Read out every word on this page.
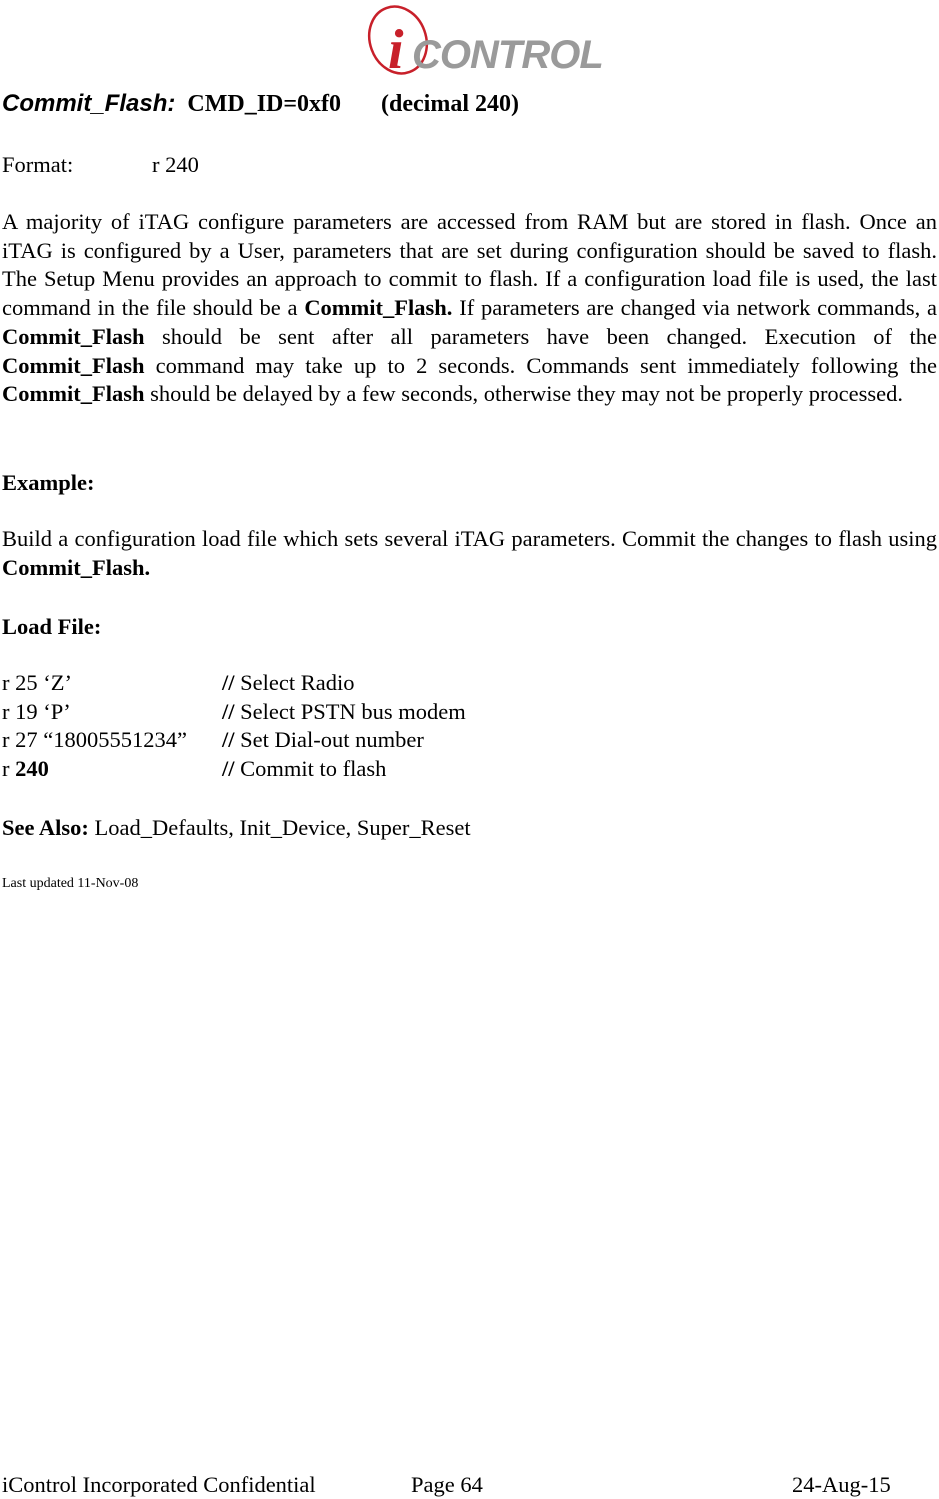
i CONTROL
Commit_Flash: CMD_ID=0xf0 (decimal 240)
Format:	r 240
A majority of iTAG configure parameters are accessed from RAM but are stored in flash. Once an iTAG is configured by a User, parameters that are set during configuration should be saved to flash. The Setup Menu provides an approach to commit to flash. If a configuration load file is used, the last command in the file should be a Commit_Flash. If parameters are changed via network commands, a Commit_Flash should be sent after all parameters have been changed. Execution of the Commit_Flash command may take up to 2 seconds. Commands sent immediately following the Commit_Flash should be delayed by a few seconds, otherwise they may not be properly processed.
Example:
Build a configuration load file which sets several iTAG parameters. Commit the changes to flash using Commit_Flash.
Load File:
r 25 ‘Z’	// Select Radio
r 19 ‘P’	// Select PSTN bus modem
r 27 “18005551234” // Set Dial-out number
r 240	// Commit to flash
See Also: Load_Defaults, Init_Device, Super_Reset
Last updated 11-Nov-08
iControl Incorporated Confidential	Page 64	24-Aug-15
